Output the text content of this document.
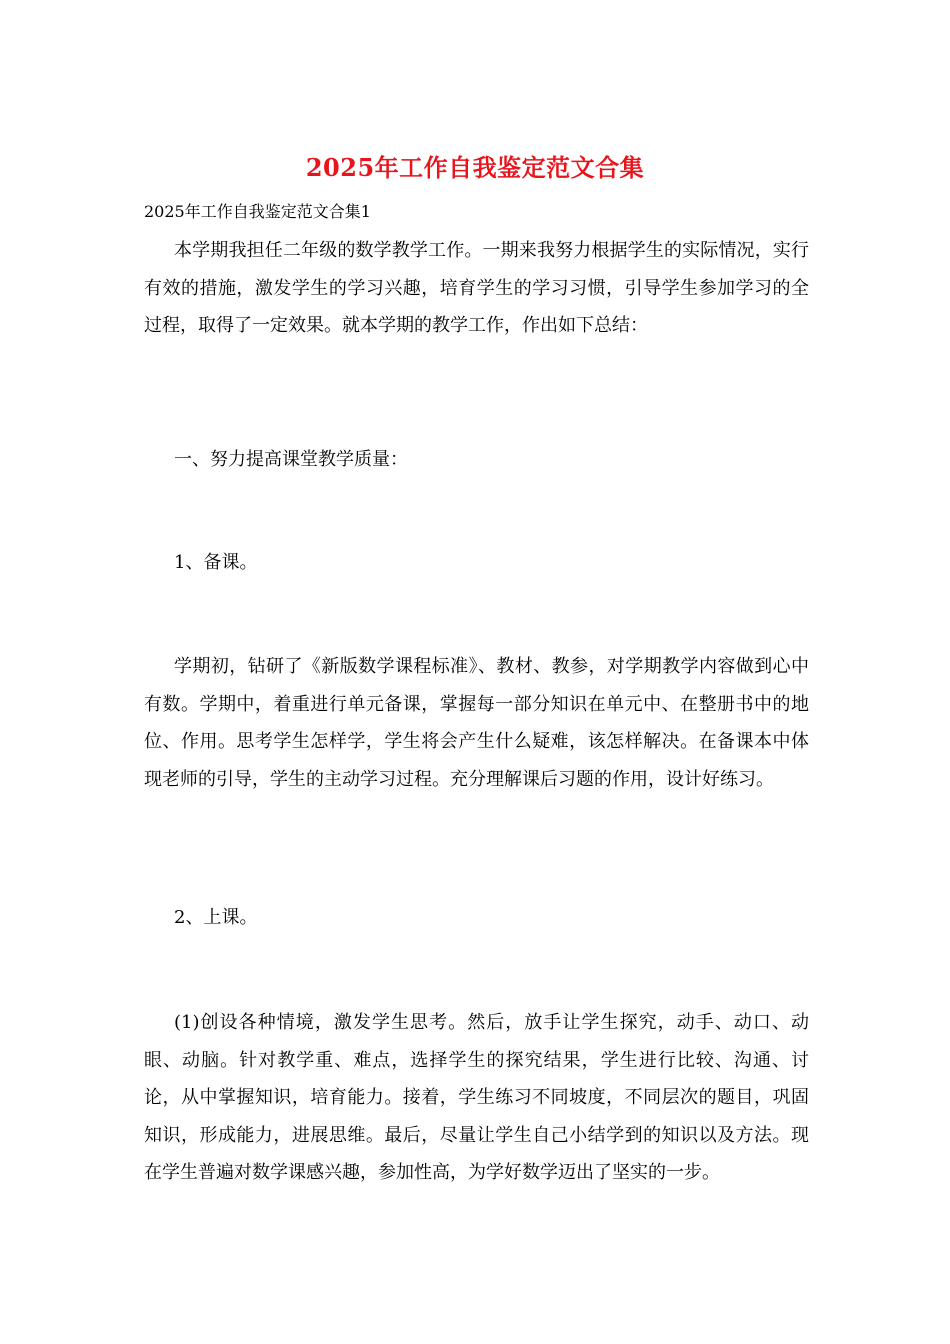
2025年工作自我鉴定范文合集
2025年工作自我鉴定范文合集1

本学期我担任二年级的数学教学工作。一期来我努力根据学生的实际情况，实行有效的措施，激发学生的学习兴趣，培育学生的学习习惯，引导学生参加学习的全过程，取得了一定效果。就本学期的教学工作，作出如下总结：

一、努力提高课堂教学质量：

1、备课。

学期初，钻研了《新版数学课程标准》、教材、教参，对学期教学内容做到心中有数。学期中，着重进行单元备课，掌握每一部分知识在单元中、在整册书中的地位、作用。思考学生怎样学，学生将会产生什么疑难，该怎样解决。在备课本中体现老师的引导，学生的主动学习过程。充分理解课后习题的作用，设计好练习。

2、上课。

(1)创设各种情境，激发学生思考。然后，放手让学生探究，动手、动口、动眼、动脑。针对教学重、难点，选择学生的探究结果，学生进行比较、沟通、讨论，从中掌握知识，培育能力。接着，学生练习不同坡度，不同层次的题目，巩固知识，形成能力，进展思维。最后，尽量让学生自己小结学到的知识以及方法。现在学生普遍对数学课感兴趣，参加性高，为学好数学迈出了坚实的一步。
